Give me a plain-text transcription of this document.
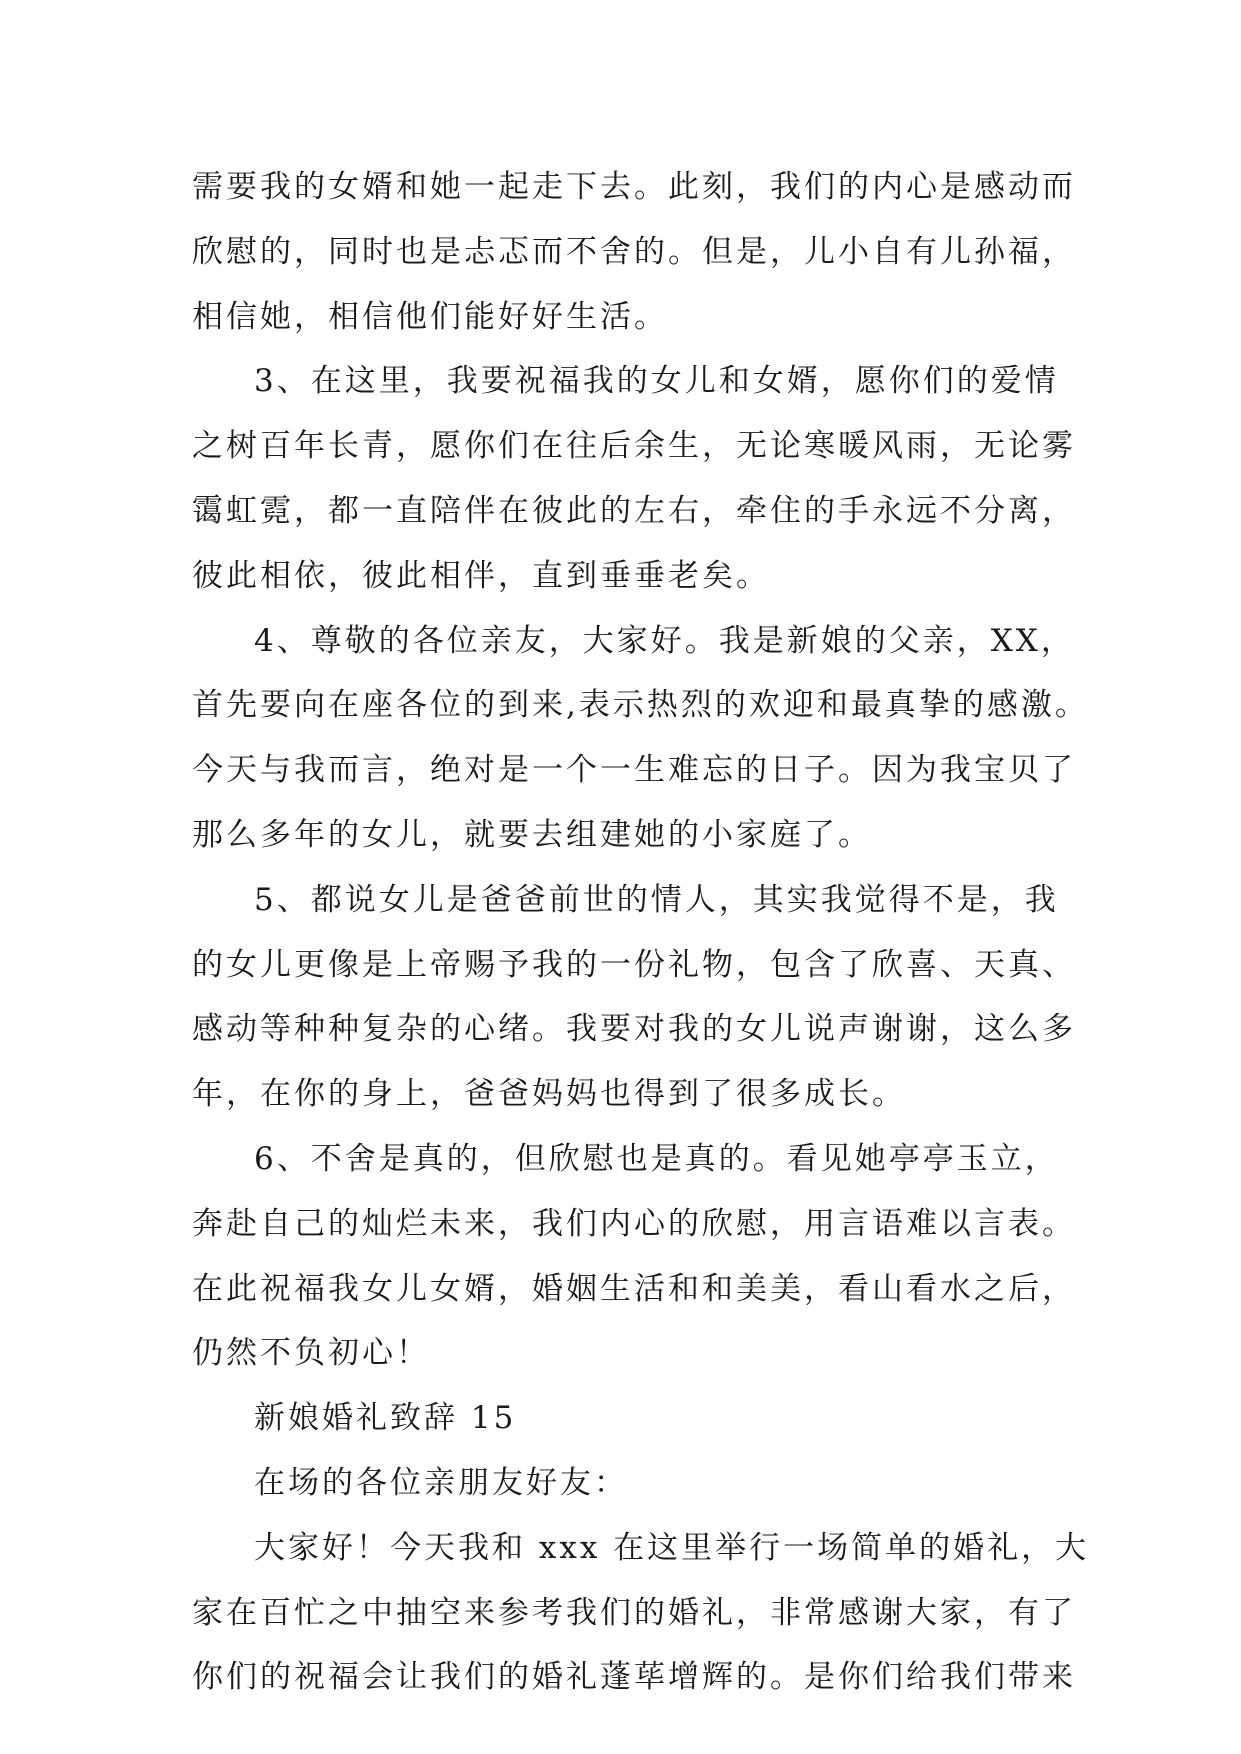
需要我的女婿和她一起走下去。此刻，我们的内心是感动而
欣慰的，同时也是忐忑而不舍的。但是，儿小自有儿孙福，
相信她，相信他们能好好生活。
3、在这里，我要祝福我的女儿和女婿，愿你们的爱情
之树百年长青，愿你们在往后余生，无论寒暖风雨，无论雾
霭虹霓，都一直陪伴在彼此的左右，牵住的手永远不分离，
彼此相依，彼此相伴，直到垂垂老矣。
4、尊敬的各位亲友，大家好。我是新娘的父亲，XX，
首先要向在座各位的到来,表示热烈的欢迎和最真挚的感激。
今天与我而言，绝对是一个一生难忘的日子。因为我宝贝了
那么多年的女儿，就要去组建她的小家庭了。
5、都说女儿是爸爸前世的情人，其实我觉得不是，我
的女儿更像是上帝赐予我的一份礼物，包含了欣喜、天真、
感动等种种复杂的心绪。我要对我的女儿说声谢谢，这么多
年，在你的身上，爸爸妈妈也得到了很多成长。
6、不舍是真的，但欣慰也是真的。看见她亭亭玉立，
奔赴自己的灿烂未来，我们内心的欣慰，用言语难以言表。
在此祝福我女儿女婿，婚姻生活和和美美，看山看水之后，
仍然不负初心！
新娘婚礼致辞 15
在场的各位亲朋友好友：
大家好！今天我和 xxx 在这里举行一场简单的婚礼，大
家在百忙之中抽空来参考我们的婚礼，非常感谢大家，有了
你们的祝福会让我们的婚礼蓬荜增辉的。是你们给我们带来
